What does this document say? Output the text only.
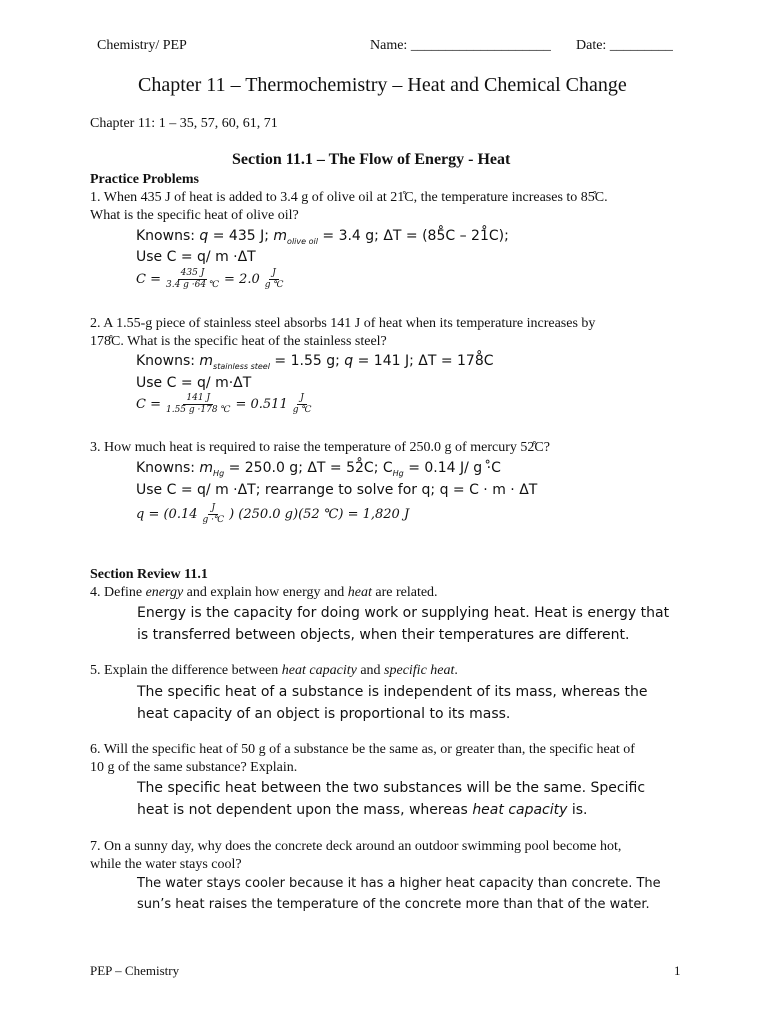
Chemistry/ PEP	Name: ____________________ Date: _________
Chapter 11 – Thermochemistry – Heat and Chemical Change
Chapter 11: 1 – 35, 57, 60, 61, 71
Section 11.1 – The Flow of Energy - Heat
Practice Problems
1. When 435 J of heat is added to 3.4 g of olive oil at 21̊C, the temperature increases to 85̊C.
What is the specific heat of olive oil?
Knowns: q = 435 J; $m_{olive oil} = 3.4$ g; ΔT = (85̊C – 21̊C);
Use C = q/ m ·ΔT
$C = \frac{435 J}{3.4 g \cdot 64 ℃} = 2.0 \frac{J}{g ℃}$
2. A 1.55-g piece of stainless steel absorbs 141 J of heat when its temperature increases by
178̊C. What is the specific heat of the stainless steel?
Knowns: $m_{stainless steel} = 1.55$ g; q = 141 J; ΔT = 178̊C
Use C = q/ m·ΔT
$C = \frac{141 J}{1.55 g \cdot 178 ℃} = 0.511 \frac{J}{g ℃}$
3. How much heat is required to raise the temperature of 250.0 g of mercury 52̊C?
Knowns: $m_{Hg} = 250.0$ g; ΔT = 52̊C; $C_{Hg} = 0.14$ J/ g ·̊C
Use C = q/ m ·ΔT; rearrange to solve for q; q = C · m · ΔT
$q = (0.14 \frac{J}{g \cdot℃}$ ) (250.0 g)(52 ℃) = 1,820 J
Section Review 11.1
4. Define energy and explain how energy and heat are related.
Energy is the capacity for doing work or supplying heat. Heat is energy that
is transferred between objects, when their temperatures are different.
5. Explain the difference between heat capacity and specific heat.
The specific heat of a substance is independent of its mass, whereas the
heat capacity of an object is proportional to its mass.
6. Will the specific heat of 50 g of a substance be the same as, or greater than, the specific heat of
10 g of the same substance? Explain.
The specific heat between the two substances will be the same. Specific
heat is not dependent upon the mass, whereas heat capacity is.
7. On a sunny day, why does the concrete deck around an outdoor swimming pool become hot,
while the water stays cool?
The water stays cooler because it has a higher heat capacity than concrete. The
sun’s heat raises the temperature of the concrete more than that of the water.
PEP – Chemistry	1
